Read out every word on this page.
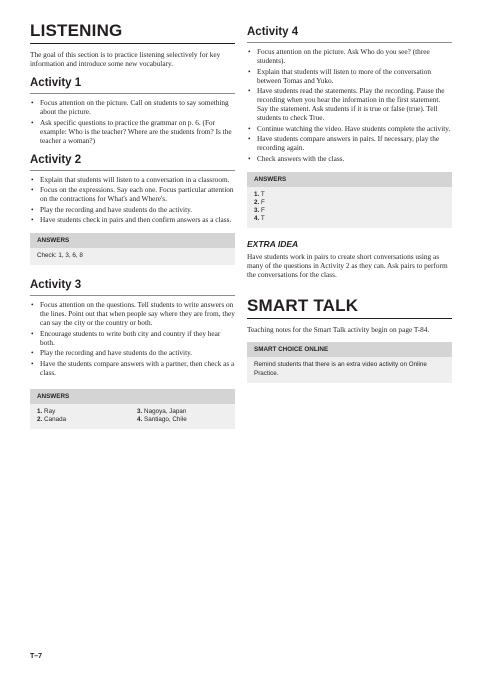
LISTENING

The goal of this section is to practice listening selectively for key information and introduce some new vocabulary.

Activity 1
• Focus attention on the picture. Call on students to say something about the picture.
• Ask specific questions to practice the grammar on p. 6. (For example: Who is the teacher? Where are the students from? Is the teacher a woman?)
Activity 2
• Explain that students will listen to a conversation in a classroom.
• Focus on the expressions. Say each one. Focus particular attention on the contractions for What's and Where's.
• Play the recording and have students do the activity.
• Have students check in pairs and then confirm answers as a class.
ANSWERS
Check: 1, 3, 6, 8
Activity 3
• Focus attention on the questions. Tell students to write answers on the lines. Point out that when people say where they are from, they can say the city or the country or both.
• Encourage students to write both city and country if they hear both.
• Play the recording and have students do the activity.
• Have the students compare answers with a partner, then check as a class.
ANSWERS
1. Ray	3. Nagoya, Japan
2. Canada	4. Santiago, Chile
Activity 4
• Focus attention on the picture. Ask Who do you see? (three students).
• Explain that students will listen to more of the conversation between Tomas and Yuko.
• Have students read the statements. Play the recording. Pause the recording when you hear the information in the first statement. Say the statement. Ask students if it is true or false (true). Tell students to check True.
• Continue watching the video. Have students complete the activity.
• Have students compare answers in pairs. If necessary, play the recording again.
• Check answers with the class.
ANSWERS
1. T
2. F
3. F
4. T
EXTRA IDEA

Have students work in pairs to create short conversations using as many of the questions in Activity 2 as they can. Ask pairs to perform the conversations for the class.

SMART TALK

Teaching notes for the Smart Talk activity begin on page T-84.

SMART CHOICE ONLINE
Remind students that there is an extra video activity on Online Practice.
T–7
